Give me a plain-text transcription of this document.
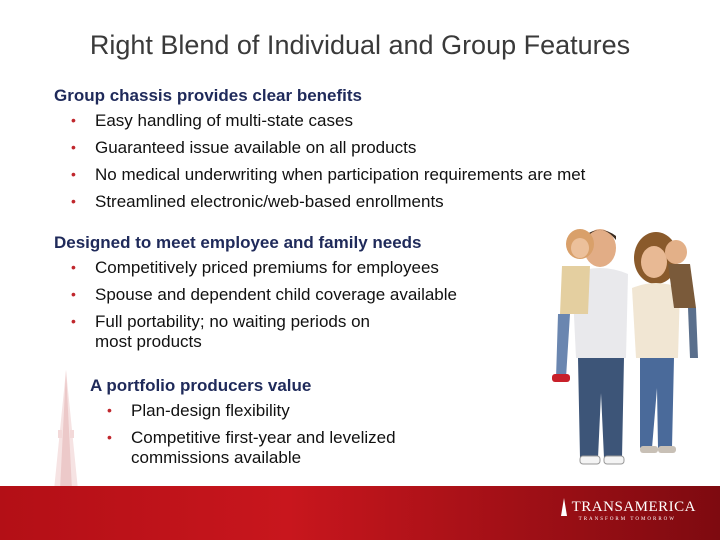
Right Blend of Individual and Group Features
Group chassis provides clear benefits
• Easy handling of multi-state cases
• Guaranteed issue available on all products
• No medical underwriting when participation requirements are met
• Streamlined electronic/web-based enrollments
Designed to meet employee and family needs
• Competitively priced premiums for employees
• Spouse and dependent child coverage available
• Full portability; no waiting periods on
most products
A portfolio producers value
• Plan-design flexibility
• Competitive first-year and levelized
commissions available
TRANSAMERICA
TRANSFORM TOMORROW
